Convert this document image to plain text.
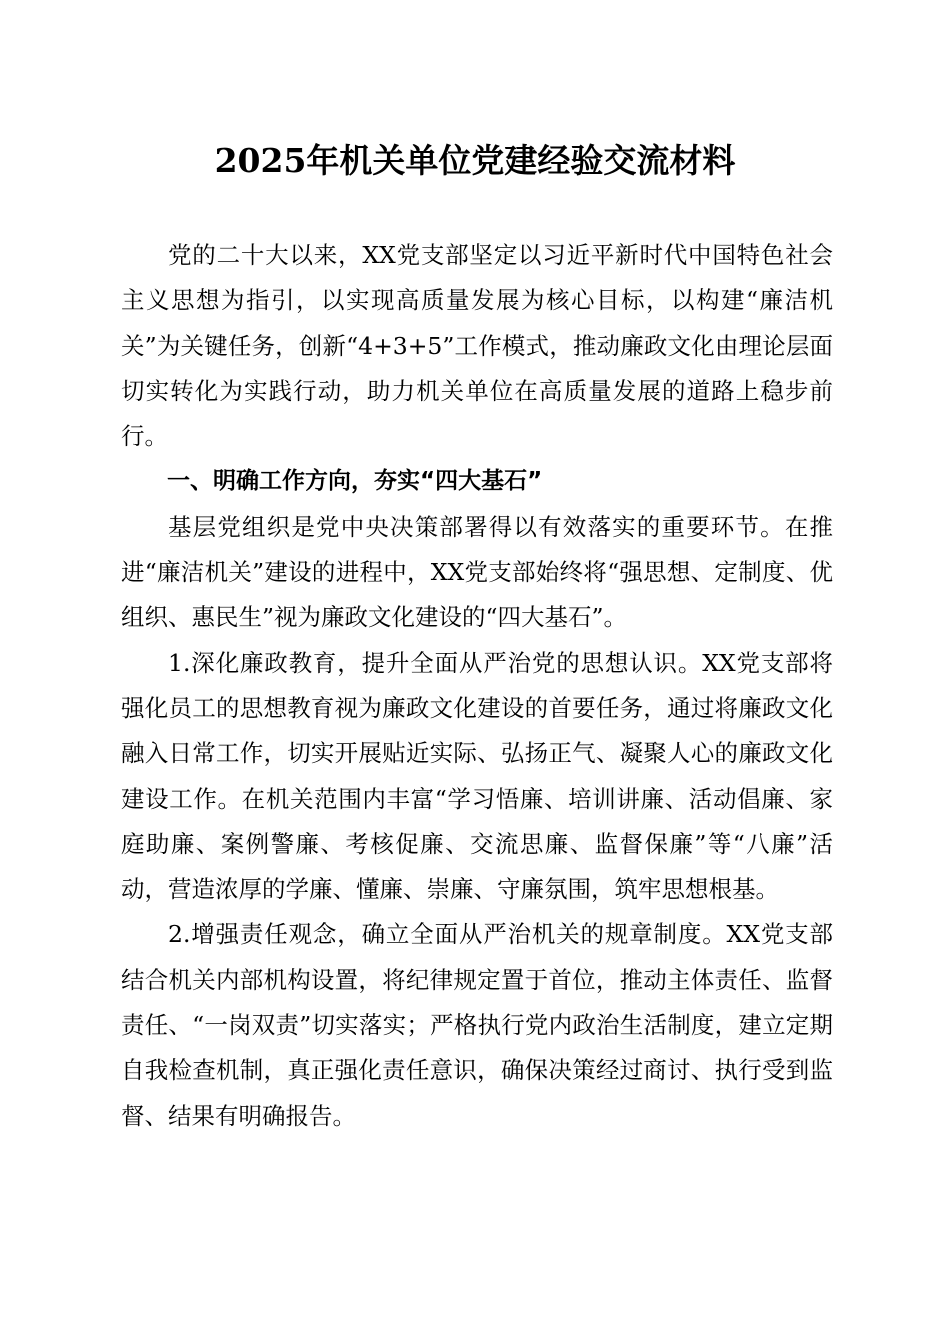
2025年机关单位党建经验交流材料

党的二十大以来，XX党支部坚定以习近平新时代中国特色社会主义思想为指引，以实现高质量发展为核心目标，以构建“廉洁机关”为关键任务，创新“4+3+5”工作模式，推动廉政文化由理论层面切实转化为实践行动，助力机关单位在高质量发展的道路上稳步前行。

一、明确工作方向，夯实“四大基石”

基层党组织是党中央决策部署得以有效落实的重要环节。在推进“廉洁机关”建设的进程中，XX党支部始终将“强思想、定制度、优组织、惠民生”视为廉政文化建设的“四大基石”。

1.深化廉政教育，提升全面从严治党的思想认识。XX党支部将强化员工的思想教育视为廉政文化建设的首要任务，通过将廉政文化融入日常工作，切实开展贴近实际、弘扬正气、凝聚人心的廉政文化建设工作。在机关范围内丰富“学习悟廉、培训讲廉、活动倡廉、家庭助廉、案例警廉、考核促廉、交流思廉、监督保廉”等“八廉”活动，营造浓厚的学廉、懂廉、崇廉、守廉氛围，筑牢思想根基。

2.增强责任观念，确立全面从严治机关的规章制度。XX党支部结合机关内部机构设置，将纪律规定置于首位，推动主体责任、监督责任、“一岗双责”切实落实；严格执行党内政治生活制度，建立定期自我检查机制，真正强化责任意识，确保决策经过商讨、执行受到监督、结果有明确报告。
